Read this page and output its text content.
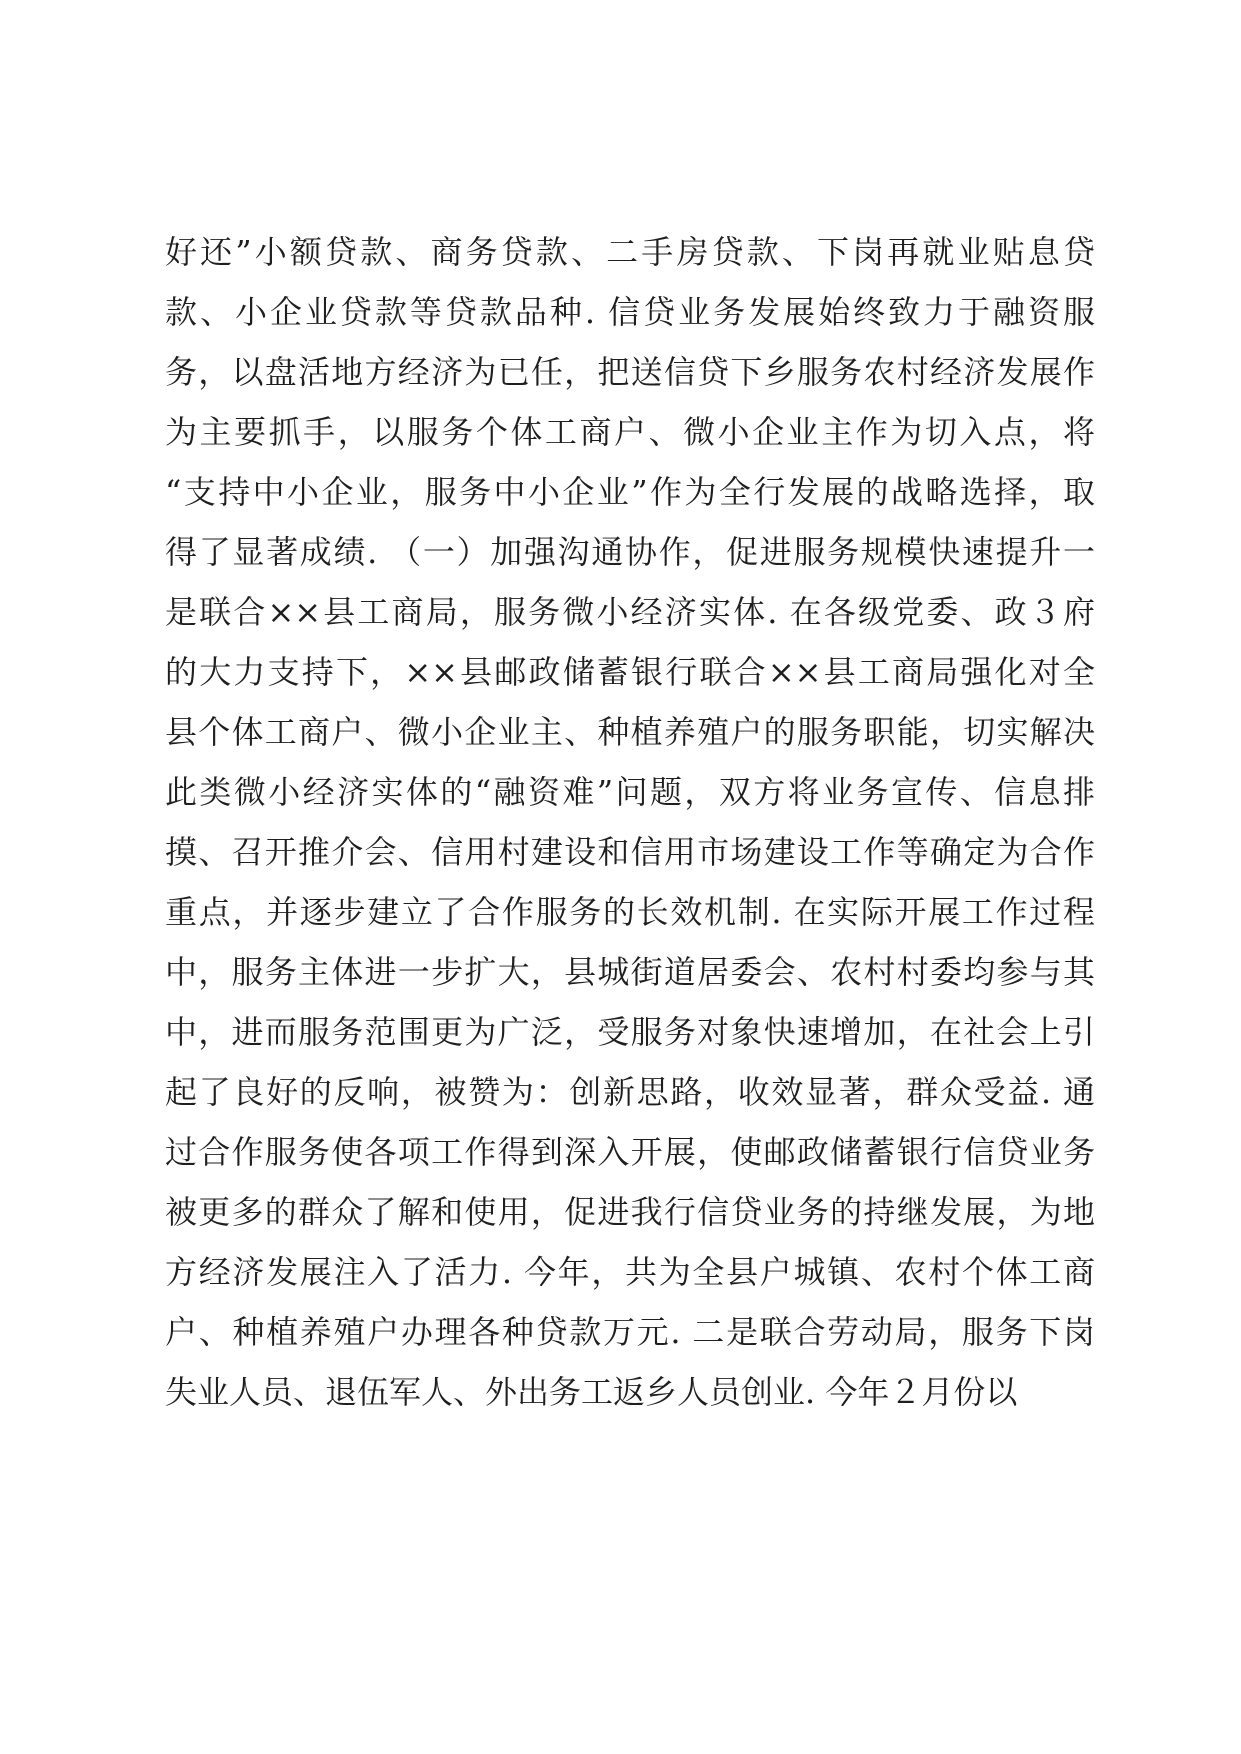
好还”小额贷款、商务贷款、二手房贷款、下岗再就业贴息贷
款、小企业贷款等贷款品种. 信贷业务发展始终致力于融资服
务，以盘活地方经济为已任，把送信贷下乡服务农村经济发展作
为主要抓手，以服务个体工商户、微小企业主作为切入点，将
“支持中小企业，服务中小企业”作为全行发展的战略选择，取
得了显著成绩. （一）加强沟通协作，促进服务规模快速提升一
是联合××县工商局，服务微小经济实体. 在各级党委、政３府
的大力支持下，××县邮政储蓄银行联合××县工商局强化对全
县个体工商户、微小企业主、种植养殖户的服务职能，切实解决
此类微小经济实体的“融资难”问题，双方将业务宣传、信息排
摸、召开推介会、信用村建设和信用市场建设工作等确定为合作
重点，并逐步建立了合作服务的长效机制. 在实际开展工作过程
中，服务主体进一步扩大，县城街道居委会、农村村委均参与其
中，进而服务范围更为广泛，受服务对象快速增加，在社会上引
起了良好的反响，被赞为：创新思路，收效显著，群众受益. 通
过合作服务使各项工作得到深入开展，使邮政储蓄银行信贷业务
被更多的群众了解和使用，促进我行信贷业务的持继发展，为地
方经济发展注入了活力. 今年，共为全县户城镇、农村个体工商
户、种植养殖户办理各种贷款万元. 二是联合劳动局，服务下岗
失业人员、退伍军人、外出务工返乡人员创业. 今年２月份以
